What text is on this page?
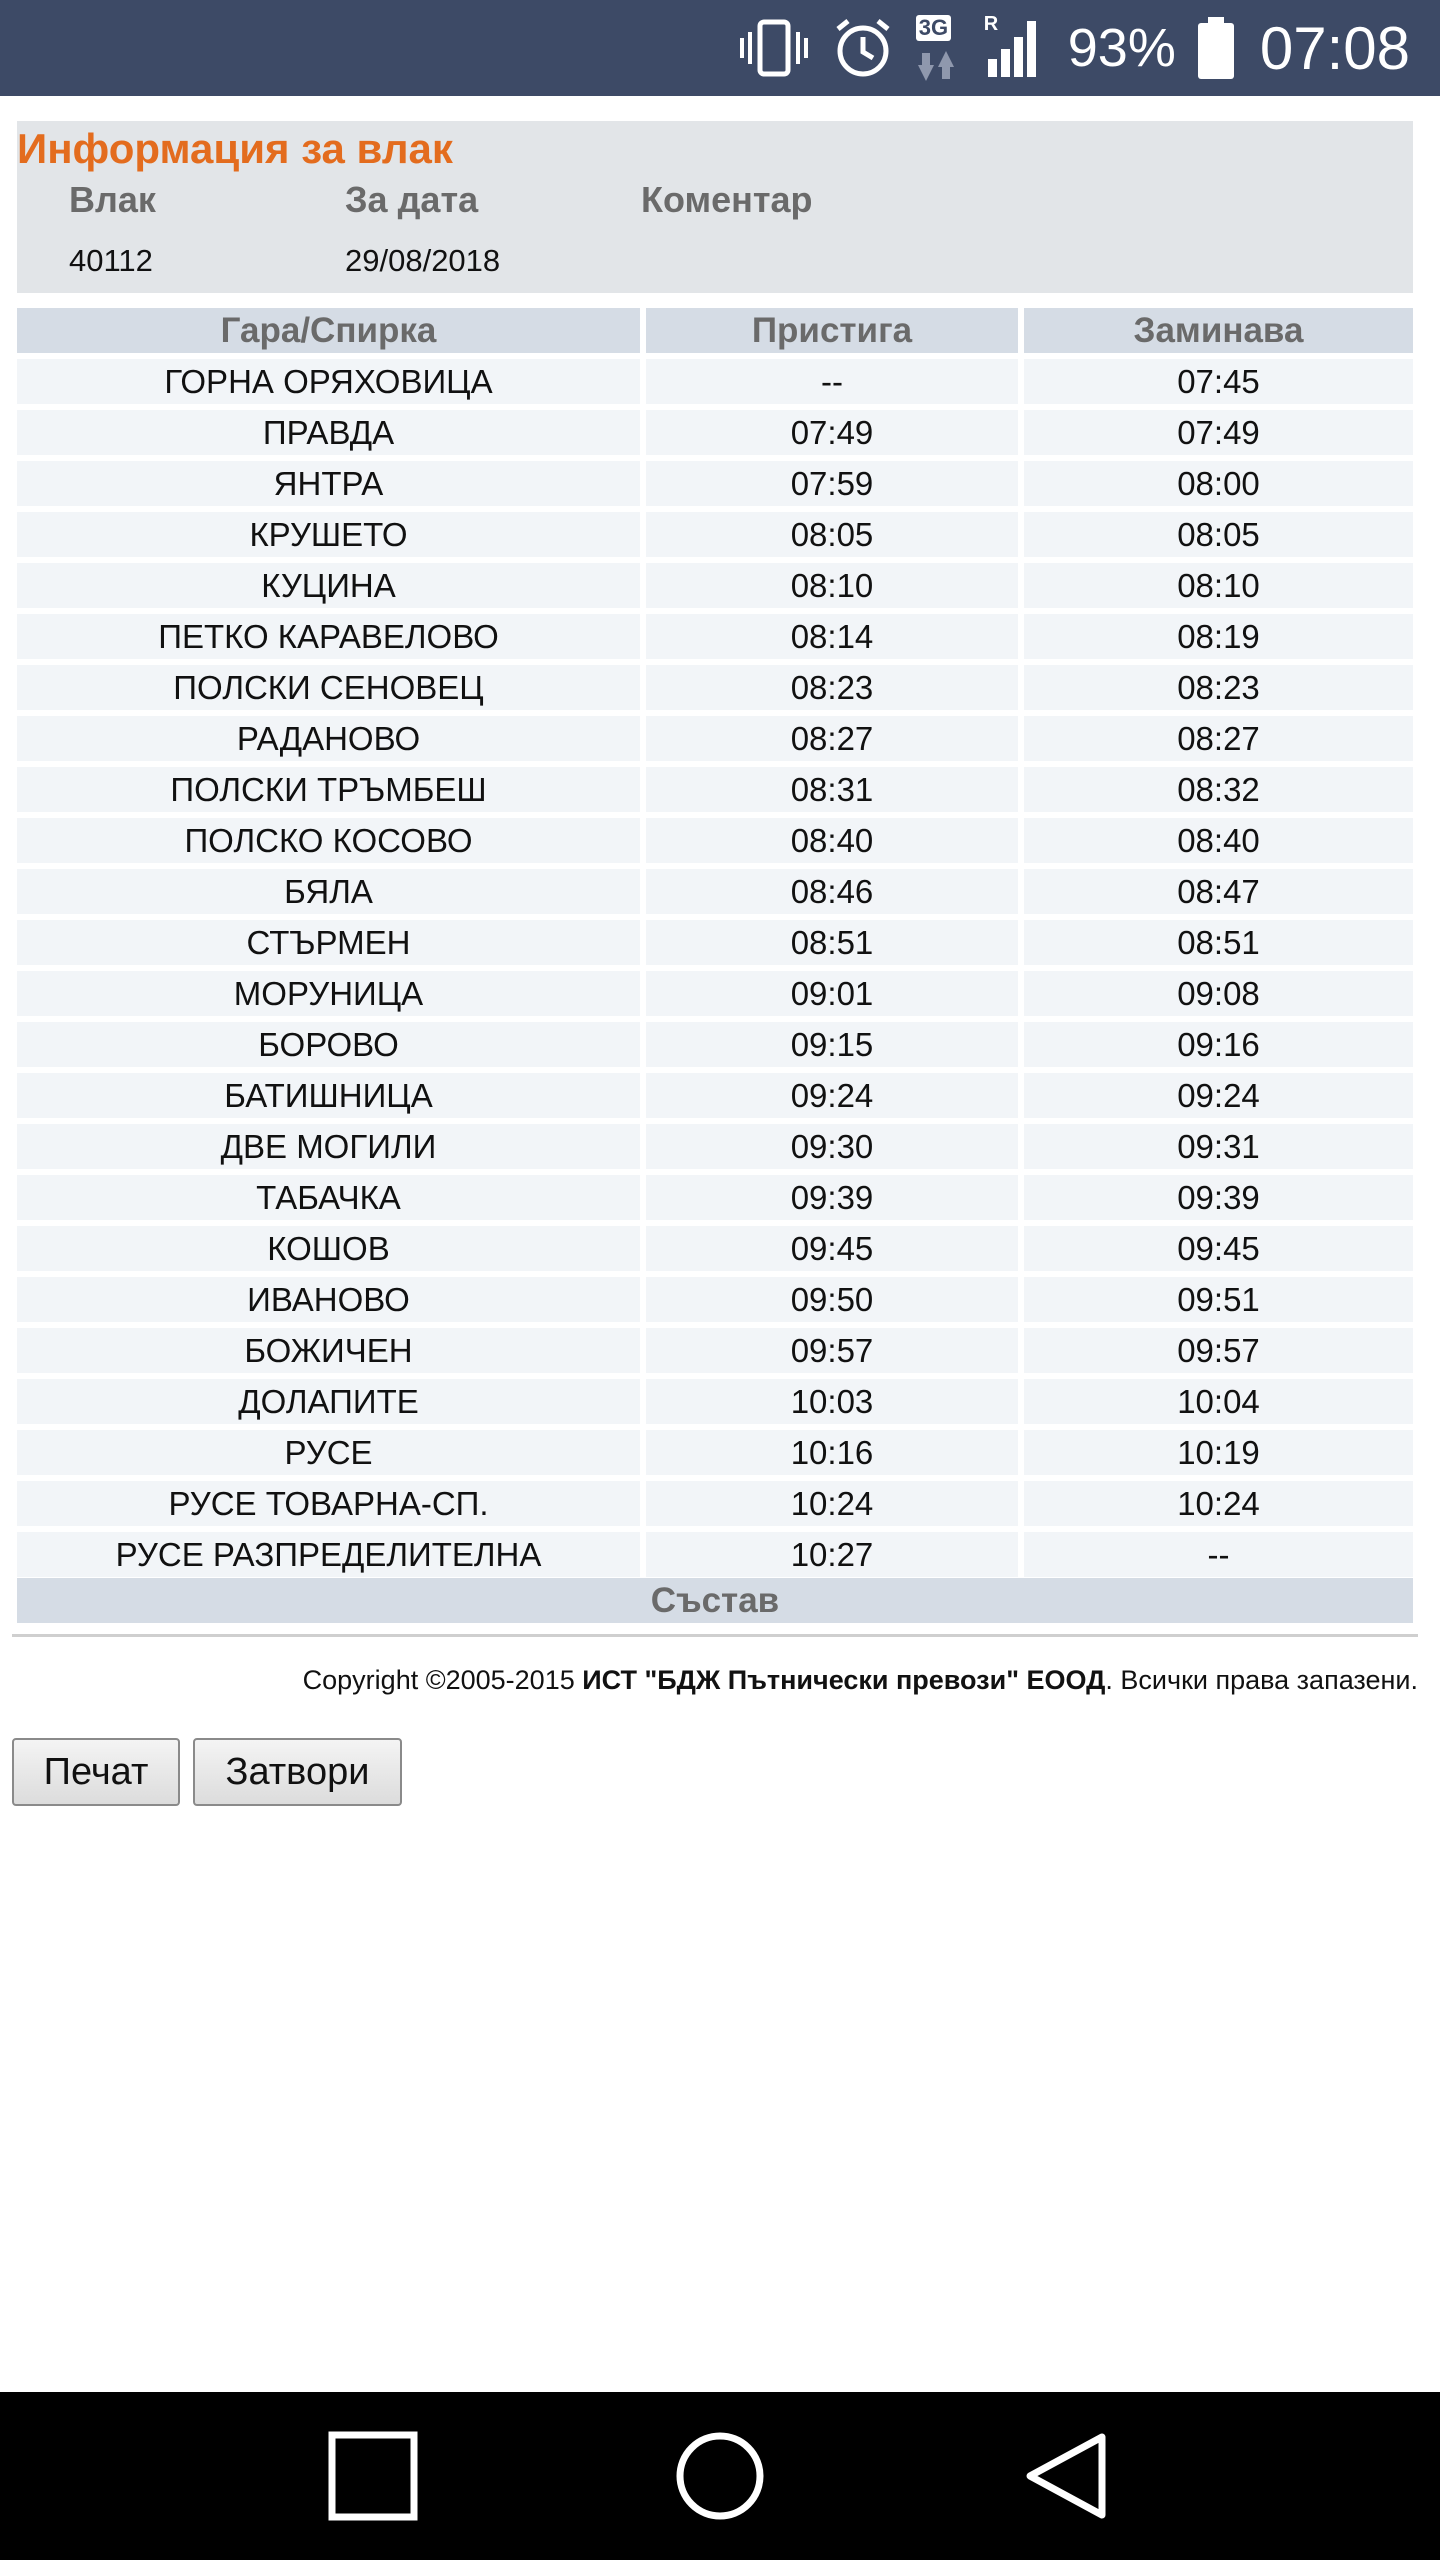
3G R 93% 07:08
Информация за влак
Влак	За дата	Коментар
40112	29/08/2018
Гара/Спирка	Пристига	Заминава
ГОРНА ОРЯХОВИЦА	--	07:45
ПРАВДА	07:49	07:49
ЯНТРА	07:59	08:00
КРУШЕТО	08:05	08:05
КУЦИНА	08:10	08:10
ПЕТКО КАРАВЕЛОВО	08:14	08:19
ПОЛСКИ СЕНОВЕЦ	08:23	08:23
РАДАНОВО	08:27	08:27
ПОЛСКИ ТРЪМБЕШ	08:31	08:32
ПОЛСКО КОСОВО	08:40	08:40
БЯЛА	08:46	08:47
СТЪРМЕН	08:51	08:51
МОРУНИЦА	09:01	09:08
БОРОВО	09:15	09:16
БАТИШНИЦА	09:24	09:24
ДВЕ МОГИЛИ	09:30	09:31
ТАБАЧКА	09:39	09:39
КОШОВ	09:45	09:45
ИВАНОВО	09:50	09:51
БОЖИЧЕН	09:57	09:57
ДОЛАПИТЕ	10:03	10:04
РУСЕ	10:16	10:19
РУСЕ ТОВАРНА-СП.	10:24	10:24
РУСЕ РАЗПРЕДЕЛИТЕЛНА	10:27	--
Състав
Copyright ©2005-2015 ИСТ "БДЖ Пътнически превози" ЕООД. Всички права запазени.
Печат	Затвори
